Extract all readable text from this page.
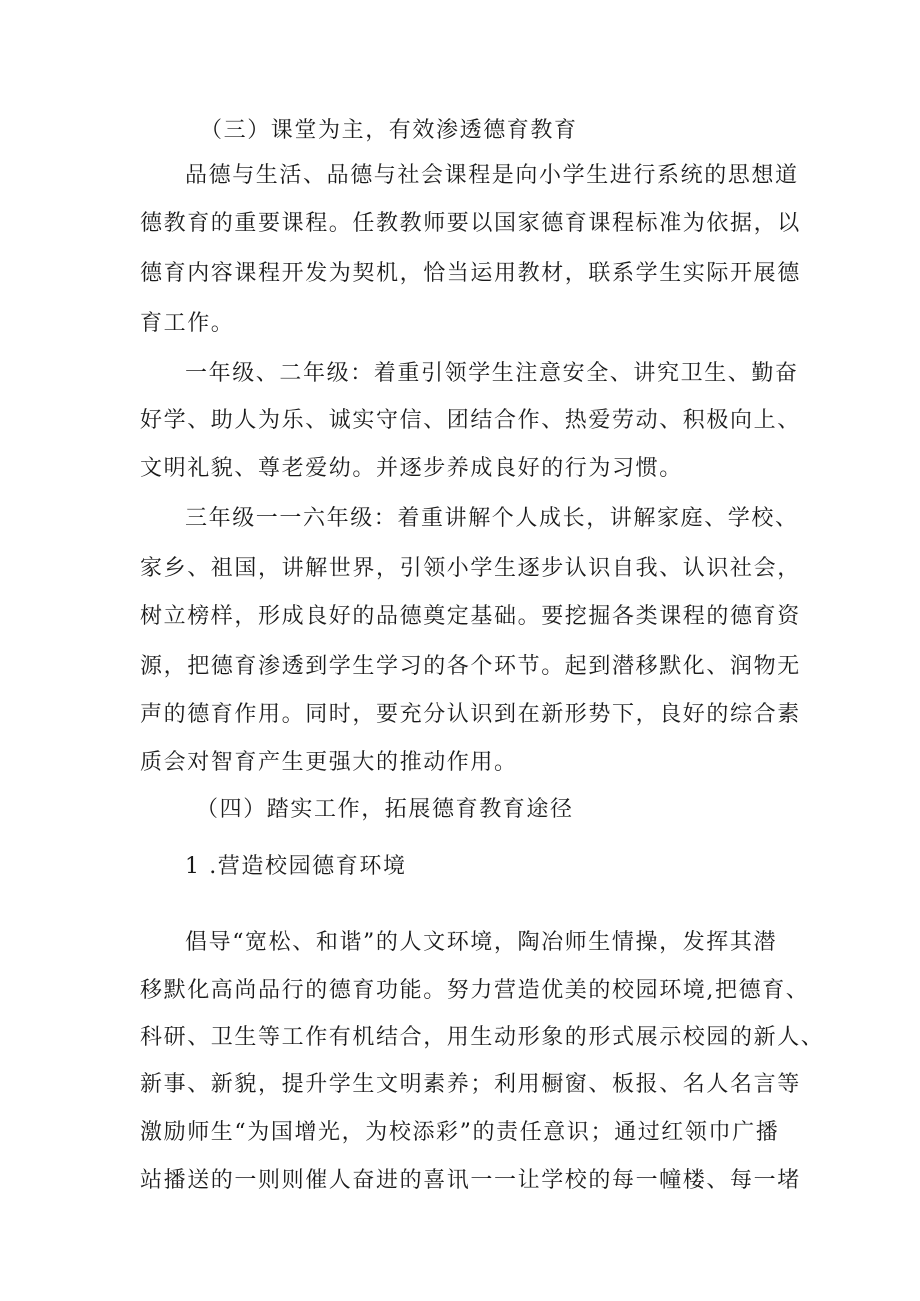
（三）课堂为主，有效渗透德育教育
品德与生活、品德与社会课程是向小学生进行系统的思想道
德教育的重要课程。任教教师要以国家德育课程标准为依据，以
德育内容课程开发为契机，恰当运用教材，联系学生实际开展德
育工作。
一年级、二年级：着重引领学生注意安全、讲究卫生、勤奋
好学、助人为乐、诚实守信、团结合作、热爱劳动、积极向上、
文明礼貌、尊老爱幼。并逐步养成良好的行为习惯。
三年级一一六年级：着重讲解个人成长，讲解家庭、学校、
家乡、祖国，讲解世界，引领小学生逐步认识自我、认识社会，
树立榜样，形成良好的品德奠定基础。要挖掘各类课程的德育资
源，把德育渗透到学生学习的各个环节。起到潜移默化、润物无
声的德育作用。同时，要充分认识到在新形势下，良好的综合素
质会对智育产生更强大的推动作用。
（四）踏实工作，拓展德育教育途径
1 .营造校园德育环境
倡导“宽松、和谐”的人文环境，陶冶师生情操，发挥其潜
移默化高尚品行的德育功能。努力营造优美的校园环境,把德育、
科研、卫生等工作有机结合，用生动形象的形式展示校园的新人、
新事、新貌，提升学生文明素养；利用橱窗、板报、名人名言等
激励师生“为国增光，为校添彩”的责任意识；通过红领巾广播
站播送的一则则催人奋进的喜讯一一让学校的每一幢楼、每一堵
